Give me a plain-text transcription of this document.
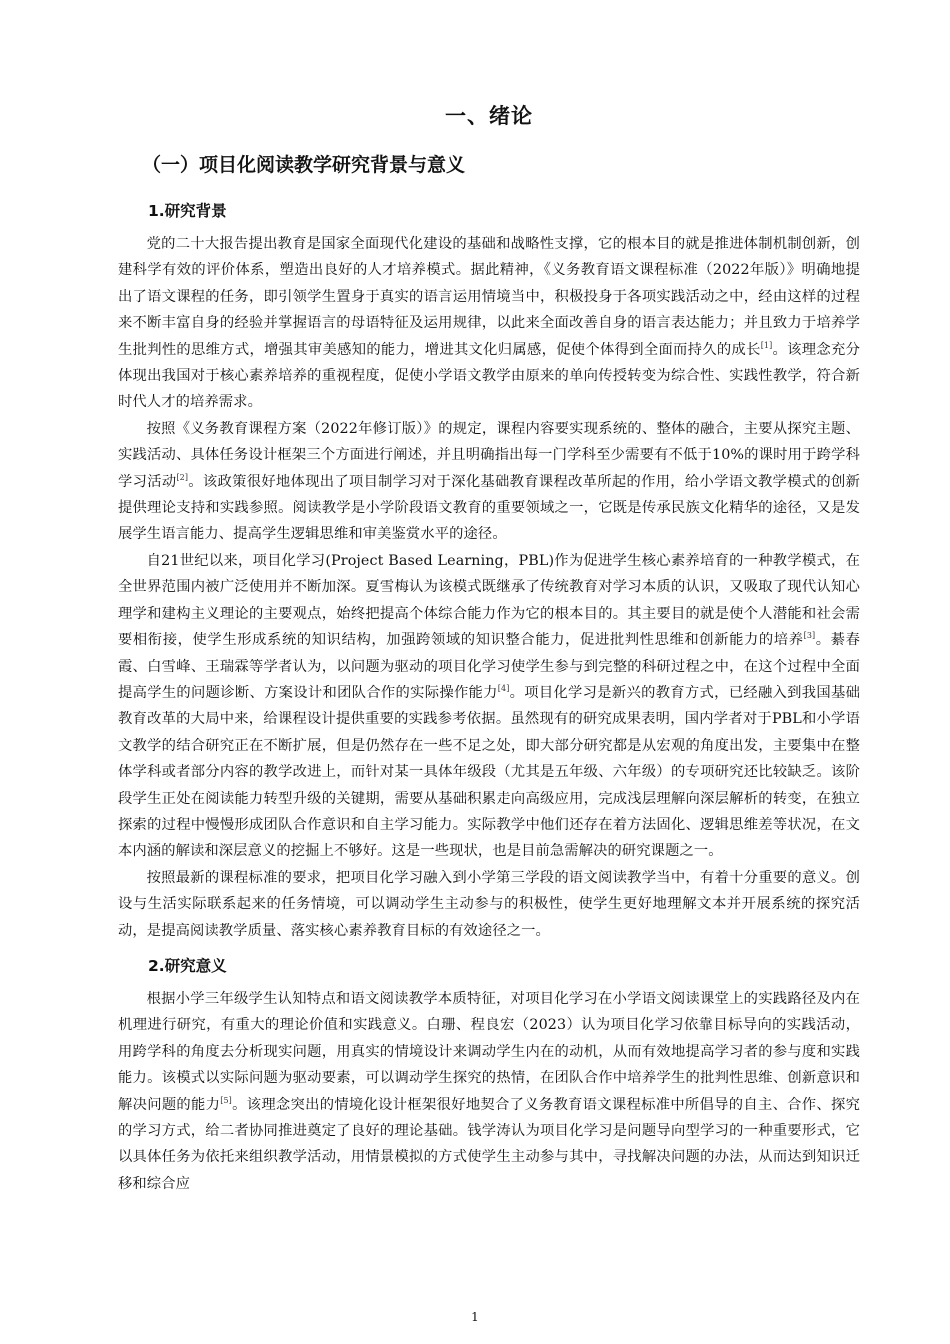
一、绪论
（一）项目化阅读教学研究背景与意义
1.研究背景

党的二十大报告提出教育是国家全面现代化建设的基础和战略性支撑，它的根本目的就是推进体制机制创新，创建科学有效的评价体系，塑造出良好的人才培养模式。据此精神，《义务教育语文课程标准（2022年版）》明确地提出了语文课程的任务，即引领学生置身于真实的语言运用情境当中，积极投身于各项实践活动之中，经由这样的过程来不断丰富自身的经验并掌握语言的母语特征及运用规律，以此来全面改善自身的语言表达能力；并且致力于培养学生批判性的思维方式，增强其审美感知的能力，增进其文化归属感，促使个体得到全面而持久的成长[1]。该理念充分体现出我国对于核心素养培养的重视程度，促使小学语文教学由原来的单向传授转变为综合性、实践性教学，符合新时代人才的培养需求。

按照《义务教育课程方案（2022年修订版）》的规定，课程内容要实现系统的、整体的融合，主要从探究主题、实践活动、具体任务设计框架三个方面进行阐述，并且明确指出每一门学科至少需要有不低于10%的课时用于跨学科学习活动[2]。该政策很好地体现出了项目制学习对于深化基础教育课程改革所起的作用，给小学语文教学模式的创新提供理论支持和实践参照。阅读教学是小学阶段语文教育的重要领域之一，它既是传承民族文化精华的途径，又是发展学生语言能力、提高学生逻辑思维和审美鉴赏水平的途径。

自21世纪以来，项目化学习(Project Based Learning，PBL)作为促进学生核心素养培育的一种教学模式，在全世界范围内被广泛使用并不断加深。夏雪梅认为该模式既继承了传统教育对学习本质的认识，又吸取了现代认知心理学和建构主义理论的主要观点，始终把提高个体综合能力作为它的根本目的。其主要目的就是使个人潜能和社会需要相衔接，使学生形成系统的知识结构，加强跨领域的知识整合能力，促进批判性思维和创新能力的培养[3]。綦春霞、白雪峰、王瑞霖等学者认为，以问题为驱动的项目化学习使学生参与到完整的科研过程之中，在这个过程中全面提高学生的问题诊断、方案设计和团队合作的实际操作能力[4]。项目化学习是新兴的教育方式，已经融入到我国基础教育改革的大局中来，给课程设计提供重要的实践参考依据。虽然现有的研究成果表明，国内学者对于PBL和小学语文教学的结合研究正在不断扩展，但是仍然存在一些不足之处，即大部分研究都是从宏观的角度出发，主要集中在整体学科或者部分内容的教学改进上，而针对某一具体年级段（尤其是五年级、六年级）的专项研究还比较缺乏。该阶段学生正处在阅读能力转型升级的关键期，需要从基础积累走向高级应用，完成浅层理解向深层解析的转变，在独立探索的过程中慢慢形成团队合作意识和自主学习能力。实际教学中他们还存在着方法固化、逻辑思维差等状况，在文本内涵的解读和深层意义的挖掘上不够好。这是一些现状，也是目前急需解决的研究课题之一。

按照最新的课程标准的要求，把项目化学习融入到小学第三学段的语文阅读教学当中，有着十分重要的意义。创设与生活实际联系起来的任务情境，可以调动学生主动参与的积极性，使学生更好地理解文本并开展系统的探究活动，是提高阅读教学质量、落实核心素养教育目标的有效途径之一。

2.研究意义

根据小学三年级学生认知特点和语文阅读教学本质特征，对项目化学习在小学语文阅读课堂上的实践路径及内在机理进行研究，有重大的理论价值和实践意义。白珊、程良宏（2023）认为项目化学习依靠目标导向的实践活动，用跨学科的角度去分析现实问题，用真实的情境设计来调动学生内在的动机，从而有效地提高学习者的参与度和实践能力。该模式以实际问题为驱动要素，可以调动学生探究的热情，在团队合作中培养学生的批判性思维、创新意识和解决问题的能力[5]。该理念突出的情境化设计框架很好地契合了义务教育语文课程标准中所倡导的自主、合作、探究的学习方式，给二者协同推进奠定了良好的理论基础。钱学涛认为项目化学习是问题导向型学习的一种重要形式，它以具体任务为依托来组织教学活动，用情景模拟的方式使学生主动参与其中，寻找解决问题的办法，从而达到知识迁移和综合应

1
